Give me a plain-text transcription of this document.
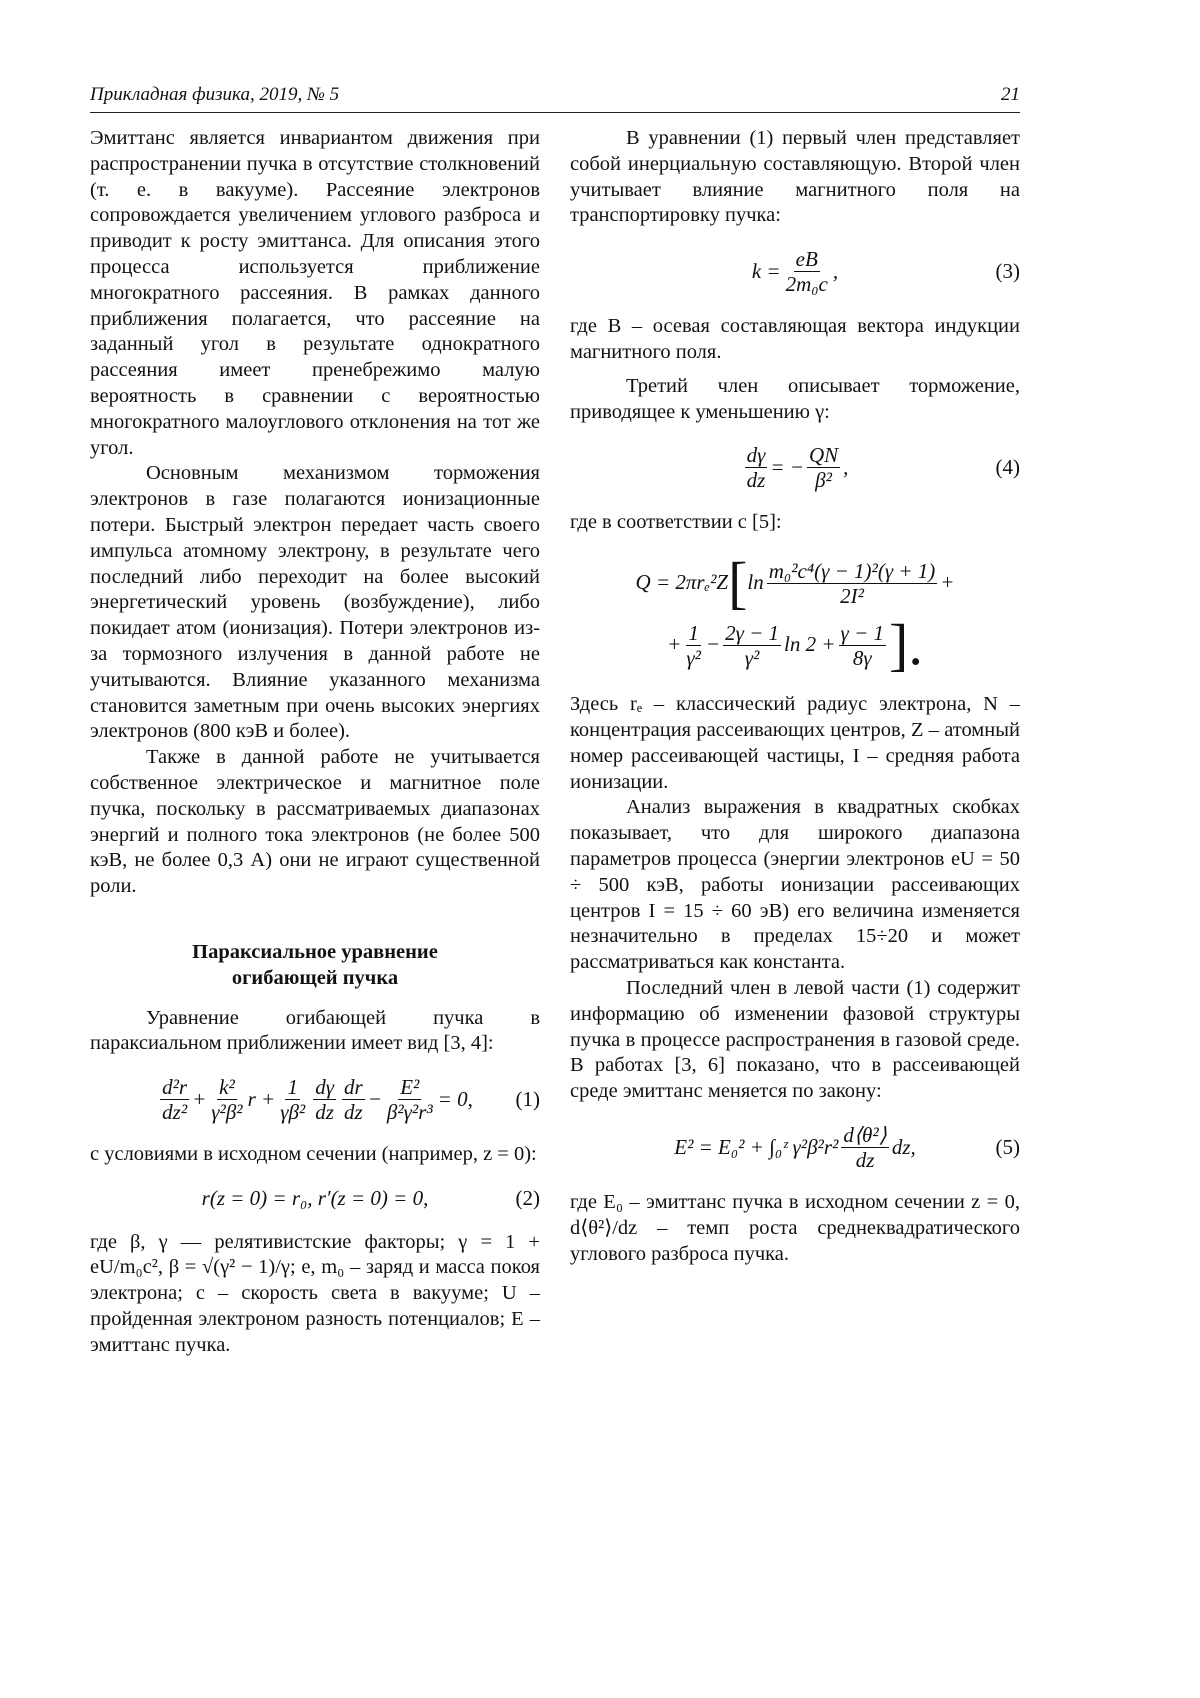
Прикладная физика, 2019, № 5	21

Эмиттанс является инвариантом движения при распространении пучка в отсутствие столкновений (т. е. в вакууме). Рассеяние электронов сопровождается увеличением углового разброса и приводит к росту эмиттанса. Для описания этого процесса используется приближение многократного рассеяния. В рамках данного приближения полагается, что рассеяние на заданный угол в результате однократного рассеяния имеет пренебрежимо малую вероятность в сравнении с вероятностью многократного малоуглового отклонения на тот же угол.

Основным механизмом торможения электронов в газе полагаются ионизационные потери. Быстрый электрон передает часть своего импульса атомному электрону, в результате чего последний либо переходит на более высокий энергетический уровень (возбуждение), либо покидает атом (ионизация). Потери электронов из-за тормозного излучения в данной работе не учитываются. Влияние указанного механизма становится заметным при очень высоких энергиях электронов (800 кэВ и более).

Также в данной работе не учитывается собственное электрическое и магнитное поле пучка, поскольку в рассматриваемых диапазонах энергий и полного тока электронов (не более 500 кэВ, не более 0,3 А) они не играют существенной роли.

Параксиальное уравнение огибающей пучка

Уравнение огибающей пучка в параксиальном приближении имеет вид [3, 4]:

d²r
dz²
+ k²
γ²β²
r + 1
γβ²
dγ
dz
dr
dz
− E²
β²γ²r³
= 0, (1)

с условиями в исходном сечении (например, z = 0):

r(z = 0) = r₀, r′(z = 0) = 0,	(2)

где β, γ — релятивистские факторы; γ = 1 + eU/m₀c², β = √(γ² − 1)/γ; e, m₀ – заряд и масса покоя электрона; c – скорость света в вакууме; U – пройденная электроном разность потенциалов; E – эмиттанс пучка.

В уравнении (1) первый член представляет собой инерциальную составляющую. Второй член учитывает влияние магнитного поля на транспортировку пучка:

k = eB
2m₀c
,	(3)

где B – осевая составляющая вектора индукции магнитного поля.

Третий член описывает торможение, приводящее к уменьшению γ:

dγ
dz
= − QN
β²
,	(4)

где в соответствии с [5]:

Q = 2πrₑ²Z [ ln m₀²c⁴(γ − 1)²(γ + 1)
2I²
+
+ 1
γ²
− 2γ − 1
γ²
ln 2 + γ − 1
8γ ].

Здесь rₑ – классический радиус электрона, N – концентрация рассеивающих центров, Z – атомный номер рассеивающей частицы, I – средняя работа ионизации.

Анализ выражения в квадратных скобках показывает, что для широкого диапазона параметров процесса (энергии электронов eU = 50 ÷ 500 кэВ, работы ионизации рассеивающих центров I = 15 ÷ 60 эВ) его величина изменяется незначительно в пределах 15÷20 и может рассматриваться как константа.

Последний член в левой части (1) содержит информацию об изменении фазовой структуры пучка в процессе распространения в газовой среде. В работах [3, 6] показано, что в рассеивающей среде эмиттанс меняется по закону:

E² = E₀² + ∫₀ᶻ γ²β²r² d⟨θ²⟩
dz
dz,	(5)

где E₀ – эмиттанс пучка в исходном сечении z = 0, d⟨θ²⟩/dz – темп роста среднеквадратического углового разброса пучка.
